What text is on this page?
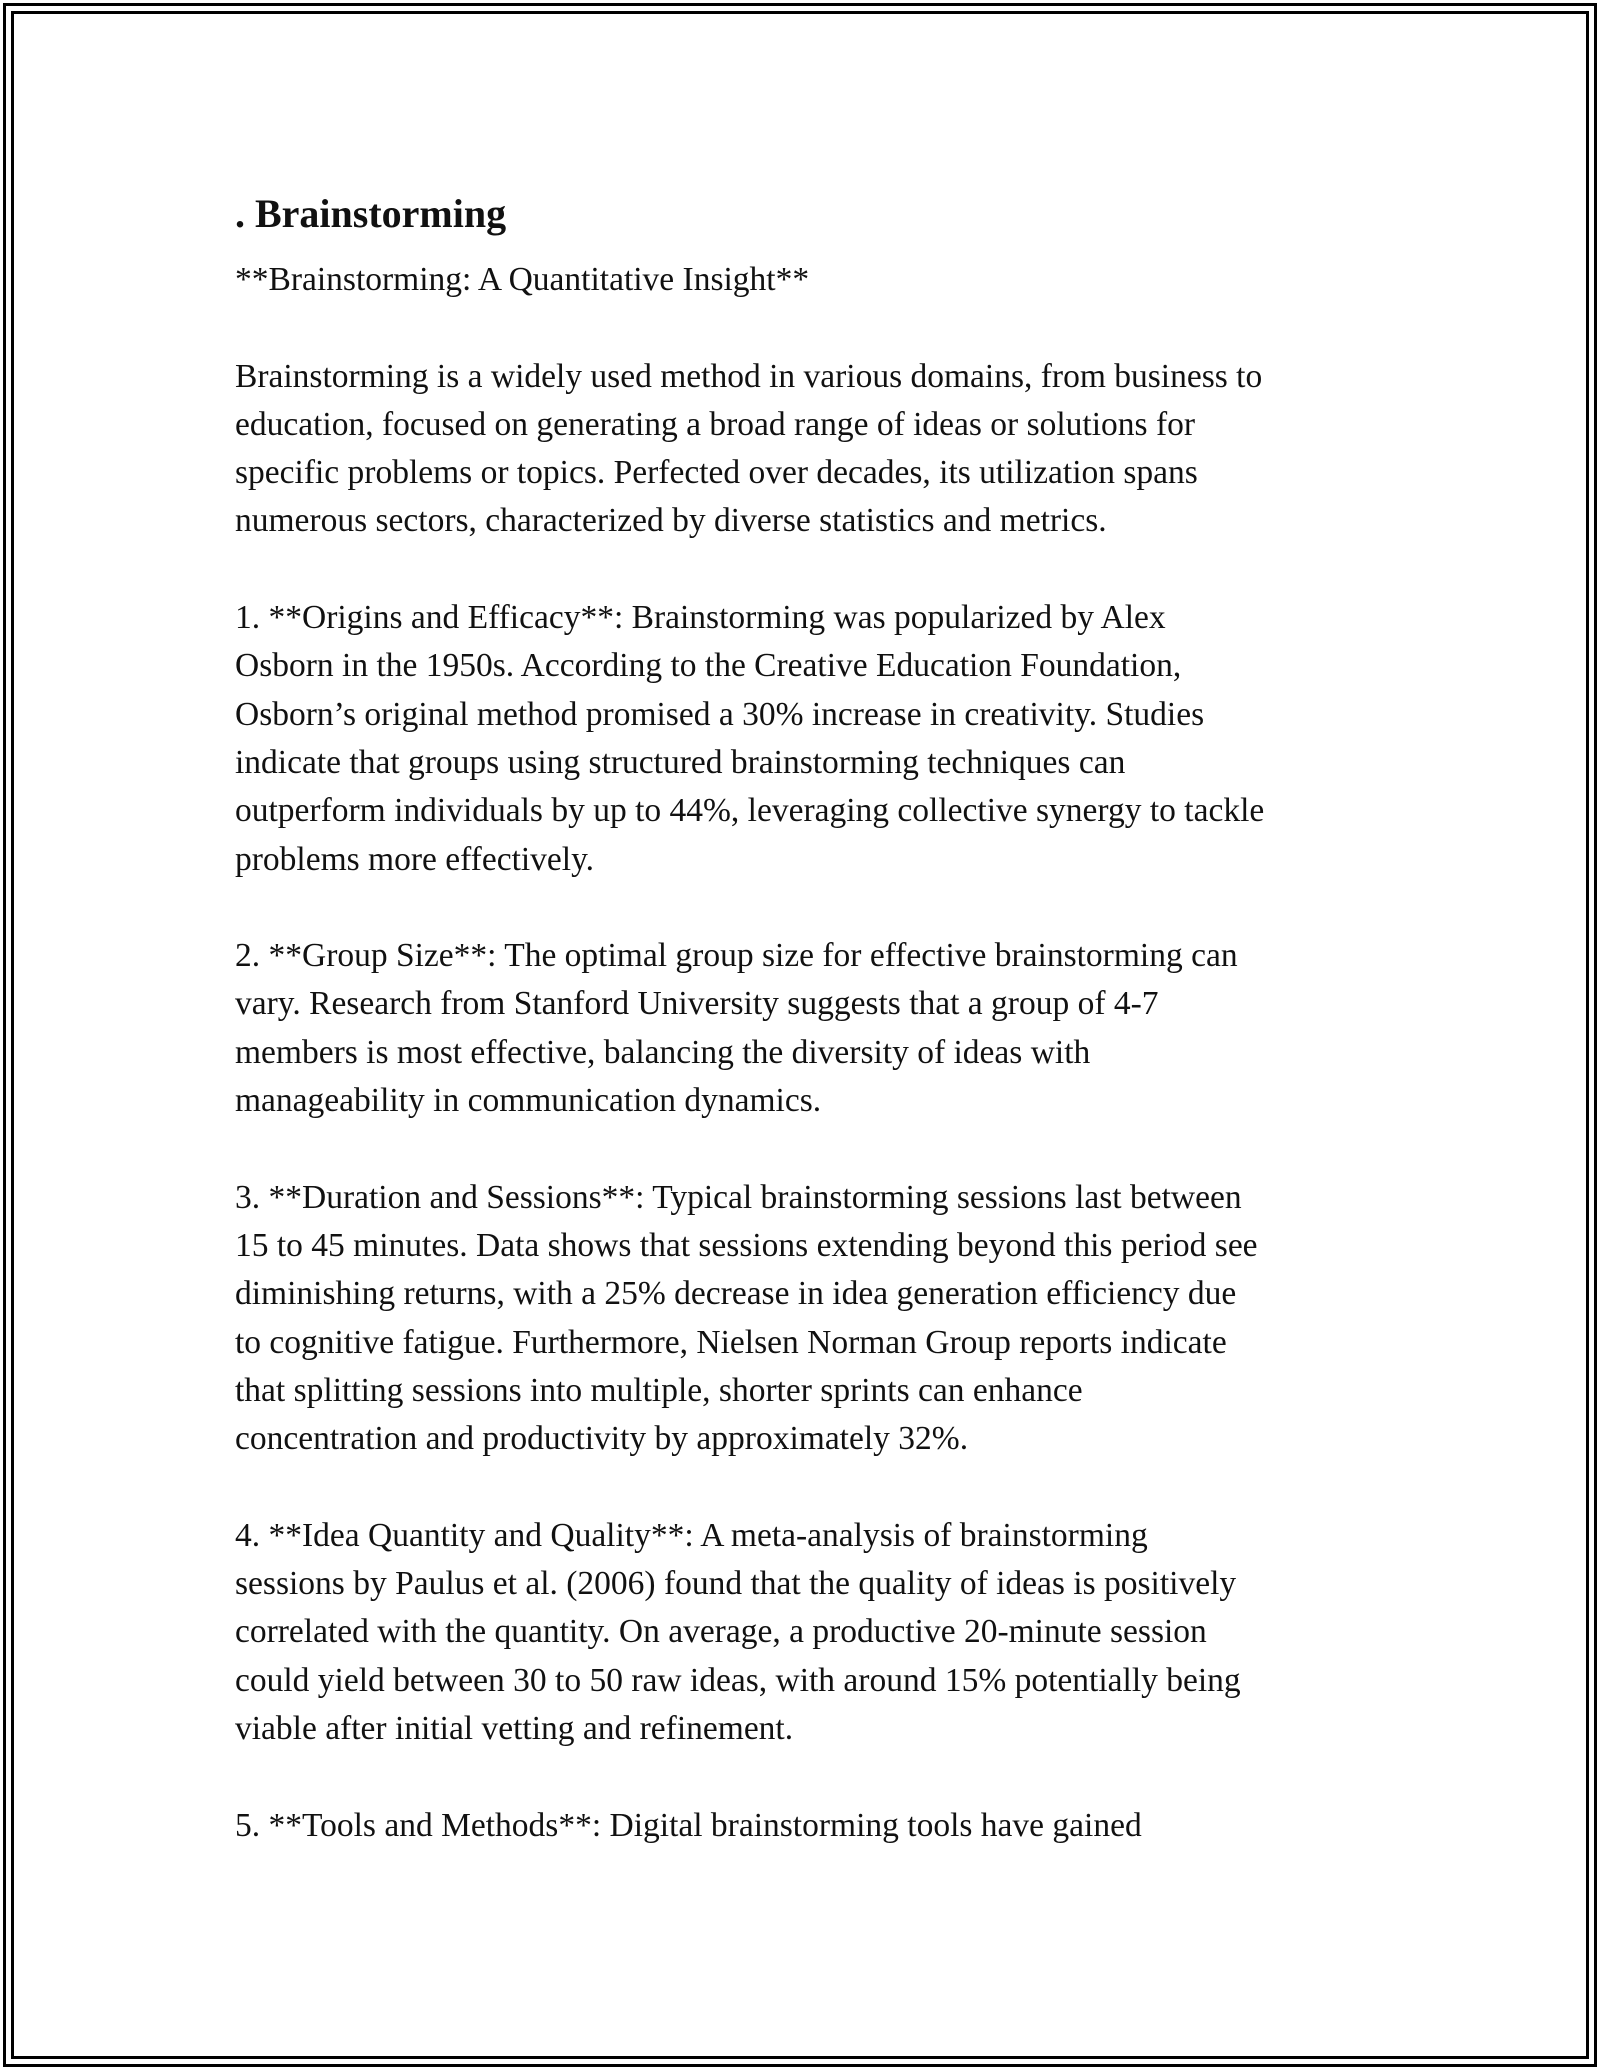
. Brainstorming
**Brainstorming: A Quantitative Insight**
Brainstorming is a widely used method in various domains, from business to
education, focused on generating a broad range of ideas or solutions for
specific problems or topics. Perfected over decades, its utilization spans
numerous sectors, characterized by diverse statistics and metrics.
1. **Origins and Efficacy**: Brainstorming was popularized by Alex
Osborn in the 1950s. According to the Creative Education Foundation,
Osborn’s original method promised a 30% increase in creativity. Studies
indicate that groups using structured brainstorming techniques can
outperform individuals by up to 44%, leveraging collective synergy to tackle
problems more effectively.
2. **Group Size**: The optimal group size for effective brainstorming can
vary. Research from Stanford University suggests that a group of 4-7
members is most effective, balancing the diversity of ideas with
manageability in communication dynamics.
3. **Duration and Sessions**: Typical brainstorming sessions last between
15 to 45 minutes. Data shows that sessions extending beyond this period see
diminishing returns, with a 25% decrease in idea generation efficiency due
to cognitive fatigue. Furthermore, Nielsen Norman Group reports indicate
that splitting sessions into multiple, shorter sprints can enhance
concentration and productivity by approximately 32%.
4. **Idea Quantity and Quality**: A meta-analysis of brainstorming
sessions by Paulus et al. (2006) found that the quality of ideas is positively
correlated with the quantity. On average, a productive 20-minute session
could yield between 30 to 50 raw ideas, with around 15% potentially being
viable after initial vetting and refinement.
5. **Tools and Methods**: Digital brainstorming tools have gained
